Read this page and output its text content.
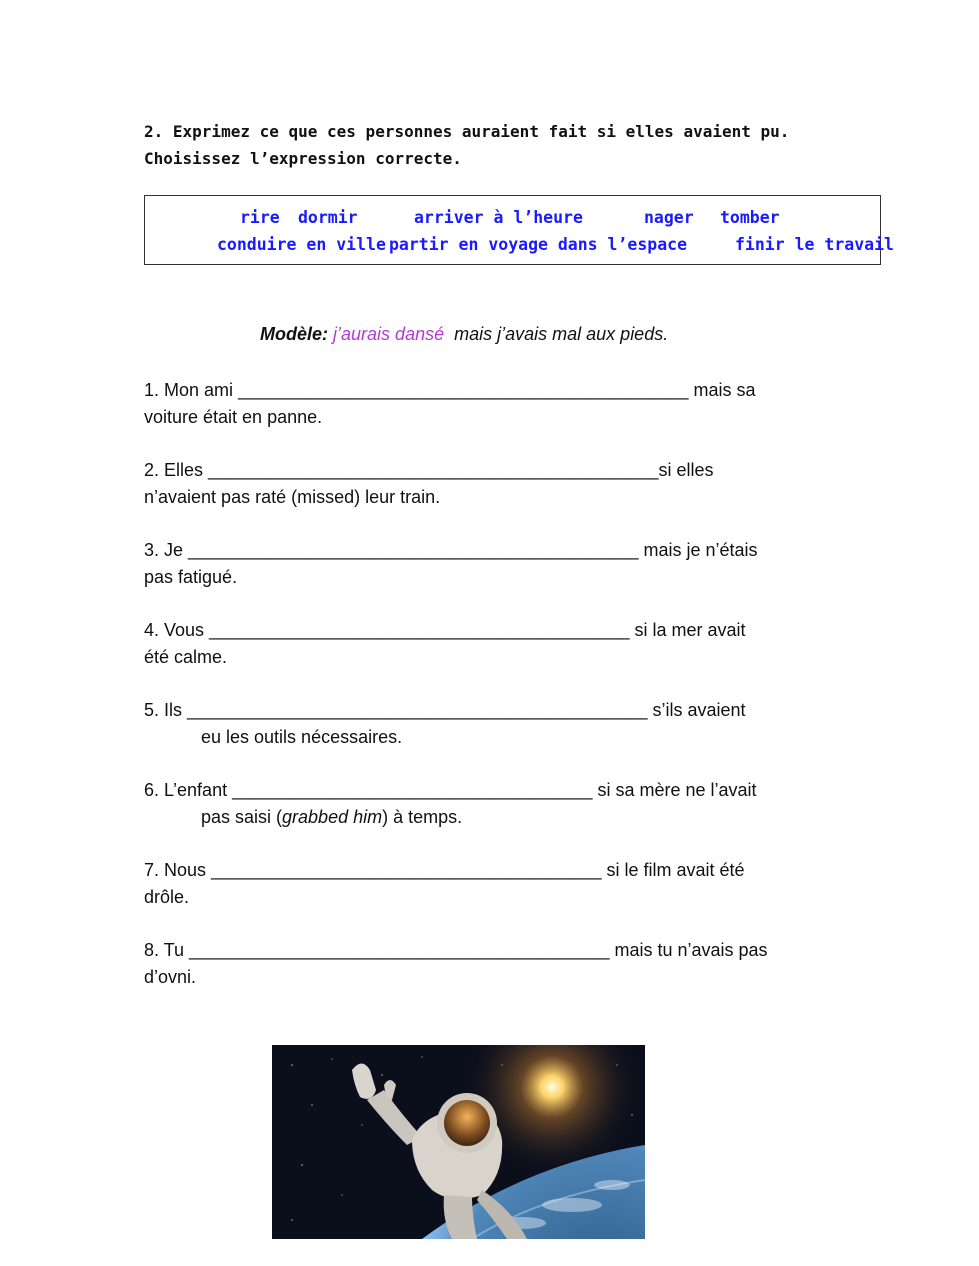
2. Exprimez ce que ces personnes auraient fait si elles avaient pu.
Choisissez l’expression correcte.
rire dormir	arriver à l’heure	nager tomber
conduire en ville partir en voyage dans l’espace	finir le travail
Modèle: j’aurais dansé mais j’avais mal aux pieds.
1. Mon ami _____________________________________________ mais sa
voiture était en panne.
2. Elles _____________________________________________si elles
n’avaient pas raté (missed) leur train.
3. Je _____________________________________________ mais je n’étais
pas fatigué.
4. Vous __________________________________________ si la mer avait
été calme.
5. Ils ______________________________________________ s’ils avaient
eu les outils nécessaires.
6. L’enfant ____________________________________ si sa mère ne l’avait
pas saisi (grabbed him) à temps.
7. Nous _______________________________________ si le film avait été
drôle.
8. Tu __________________________________________ mais tu n’avais pas
d’ovni.
